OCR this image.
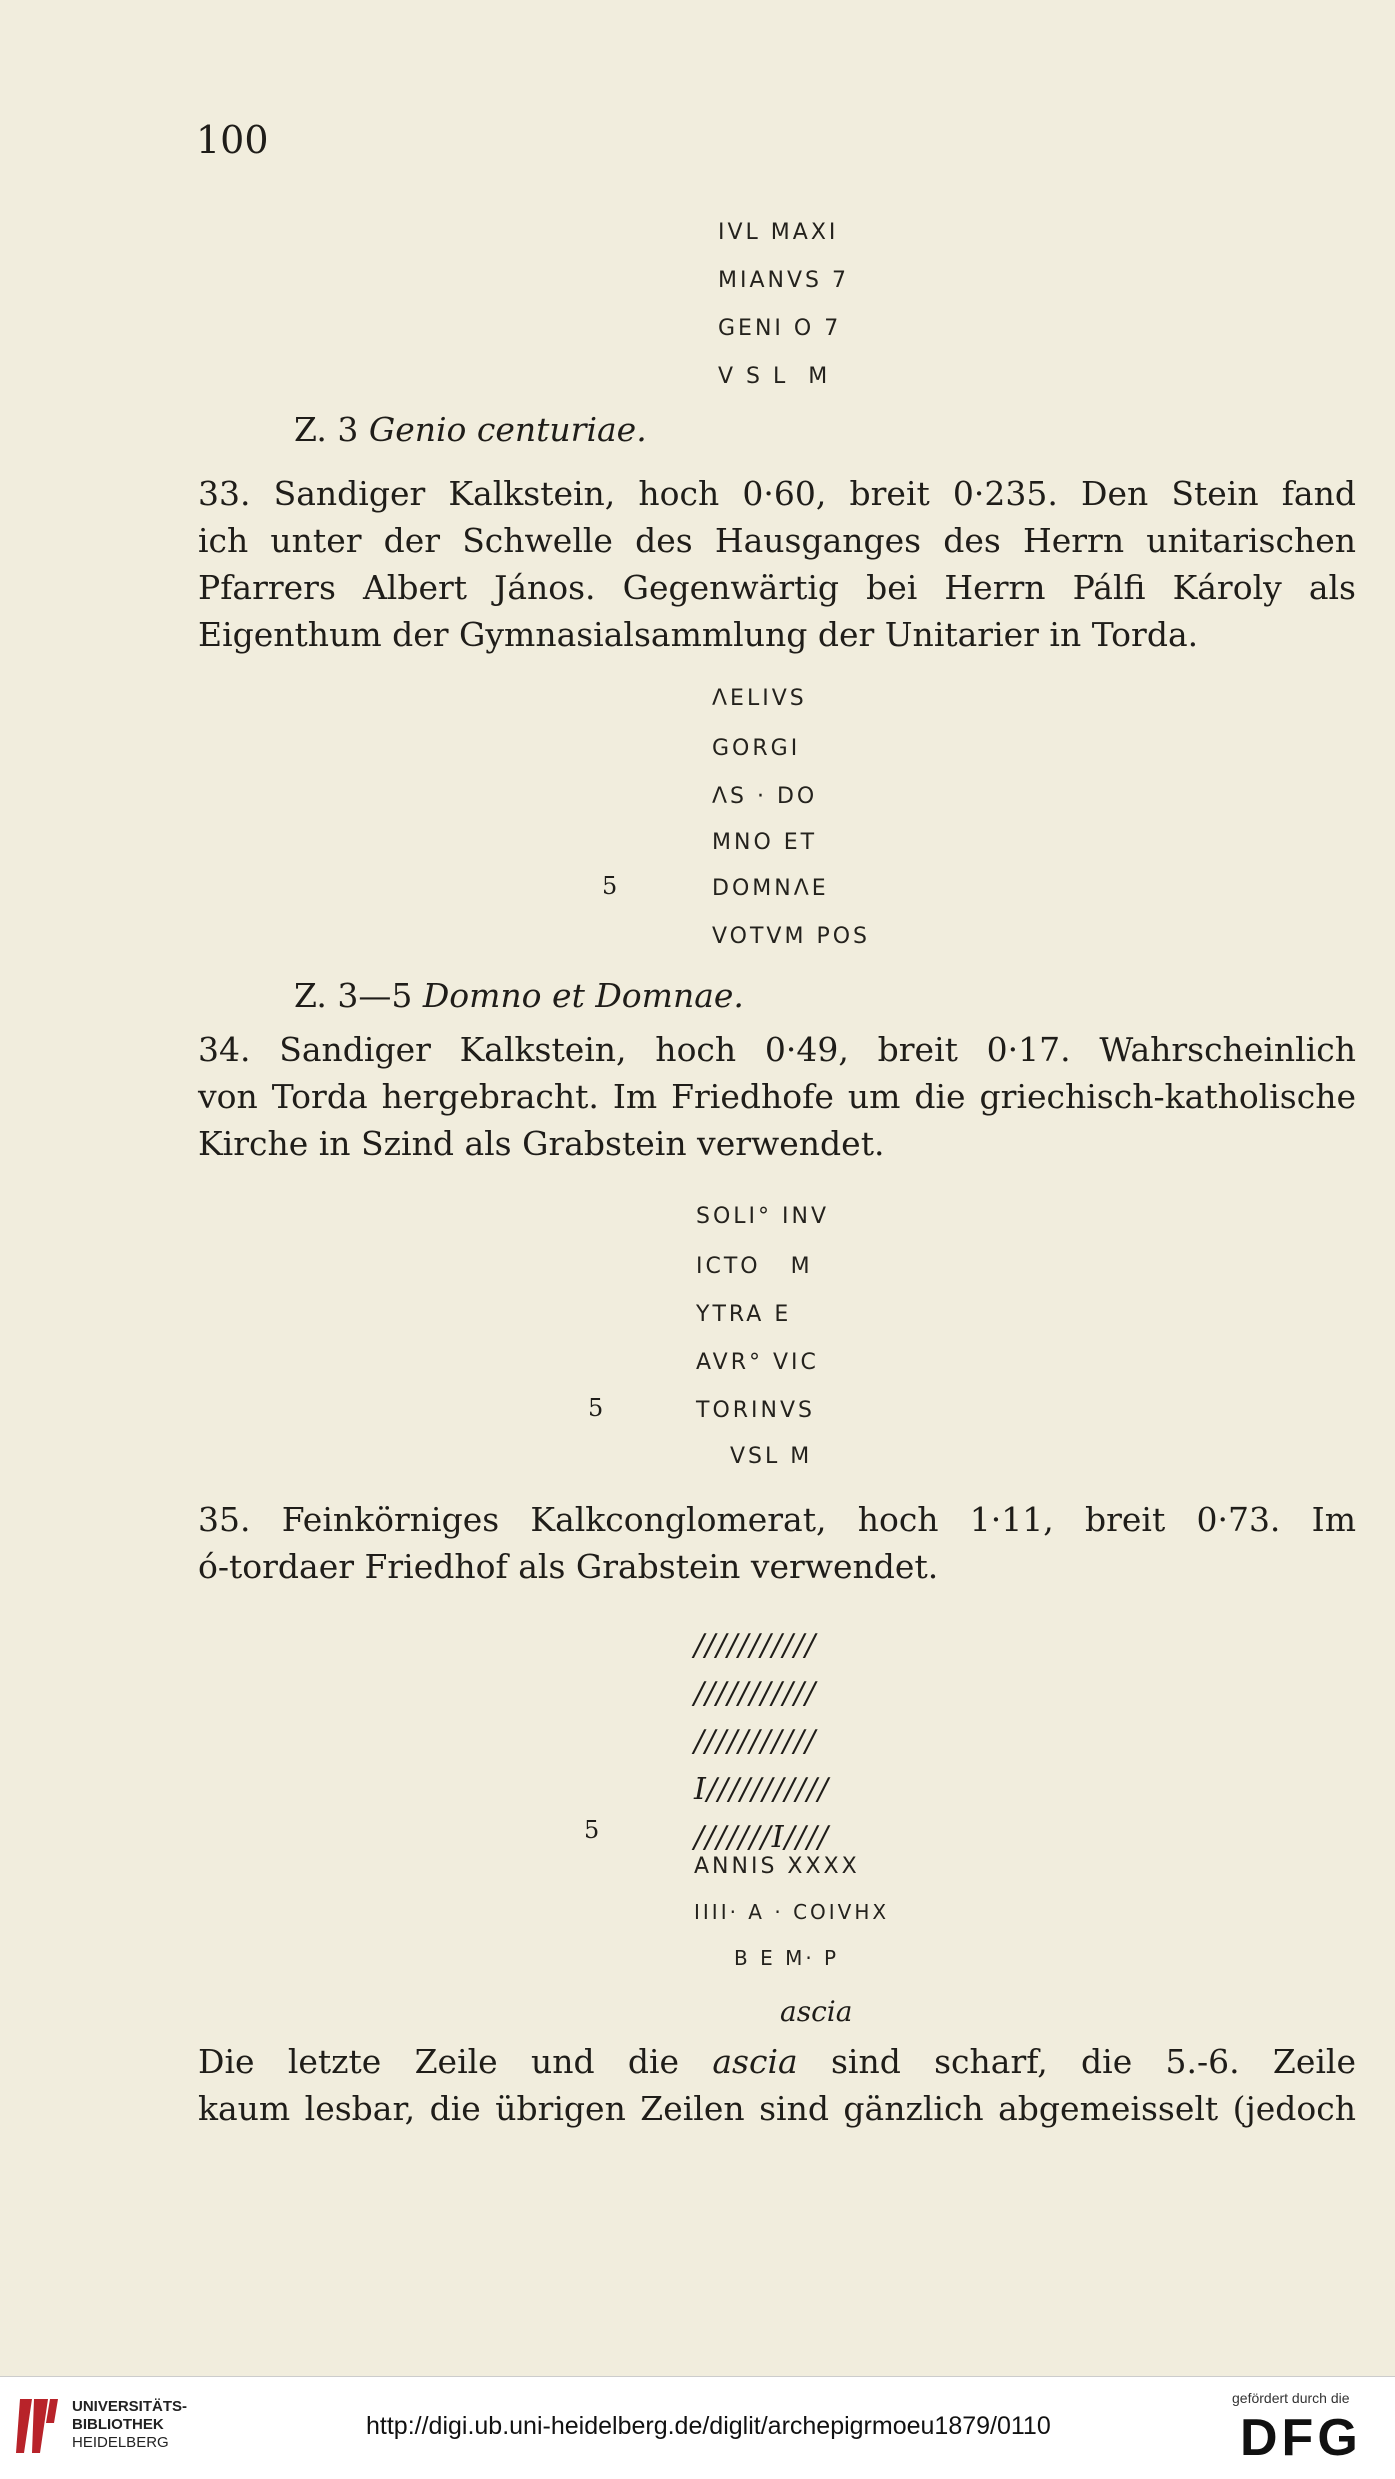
100
IVL MAXI
MIANVS 7
GENI O 7
V S L  M
Z. 3 Genio centuriae.
33. Sandiger Kalkstein, hoch 0·60, breit 0·235. Den Stein fand
ich unter der Schwelle des Hausganges des Herrn unitarischen
Pfarrers Albert János. Gegenwärtig bei Herrn Pálfi Károly als
Eigenthum der Gymnasialsammlung der Unitarier in Torda.
ΛELIVS
GORGI
ΛS · DO
MNO ET
5	DOMNΛE
VOTVM POS
Z. 3—5 Domno et Domnae.
34. Sandiger Kalkstein, hoch 0·49, breit 0·17. Wahrscheinlich
von Torda hergebracht. Im Friedhofe um die griechisch-katholische
Kirche in Szind als Grabstein verwendet.
SOLI° INV
ICTO   M
YTRA E
AVR° VIC
5	TORINVS
VSL M
35. Feinkörniges Kalkconglomerat, hoch 1·11, breit 0·73. Im
ó-tordaer Friedhof als Grabstein verwendet.
///////////
///////////
///////////
I///////////
5	///////I////
ANNIS XXXX
IIII· A · COIVHX
B E M· P
ascia
Die letzte Zeile und die ascia sind scharf, die 5.-6. Zeile
kaum lesbar, die übrigen Zeilen sind gänzlich abgemeisselt (jedoch
UNIVERSITÄTS-
BIBLIOTHEK
HEIDELBERG
http://digi.ub.uni-heidelberg.de/diglit/archepigrmoeu1879/0110
gefördert durch die
DFG
